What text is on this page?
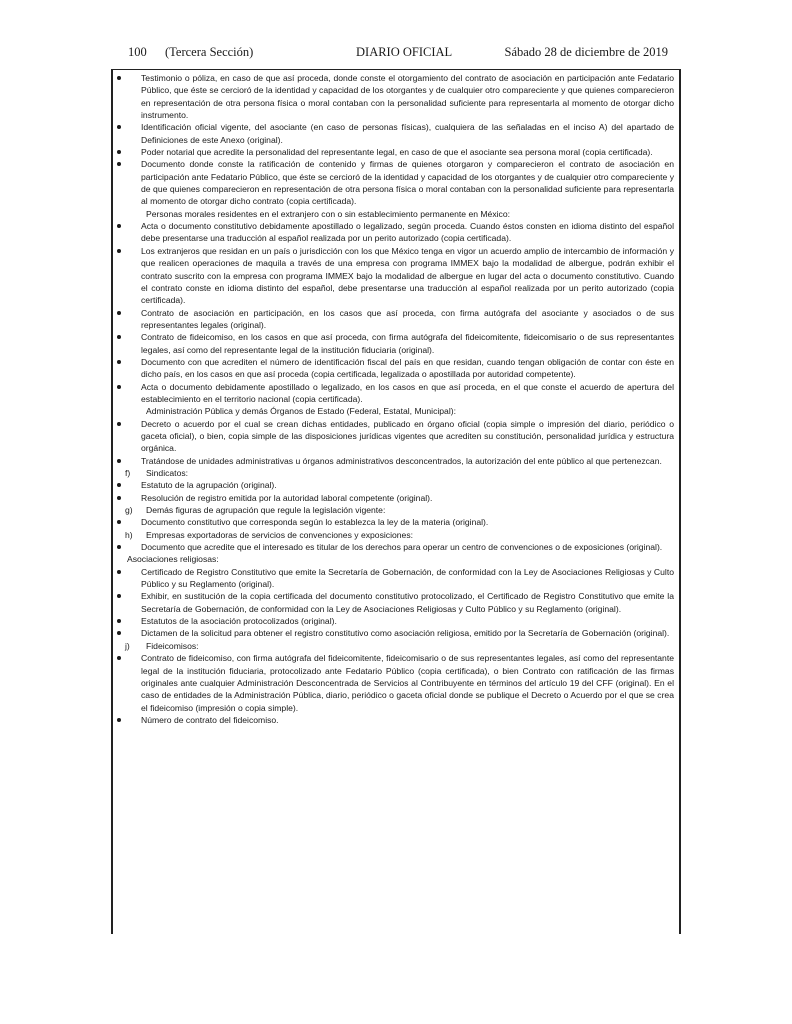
100 (Tercera Sección)	DIARIO OFICIAL	Sábado 28 de diciembre de 2019
Testimonio o póliza, en caso de que así proceda, donde conste el otorgamiento del contrato de asociación en participación ante Fedatario Público, que éste se cercioró de la identidad y capacidad de los otorgantes y de cualquier otro compareciente y que quienes comparecieron en representación de otra persona física o moral contaban con la personalidad suficiente para representarla al momento de otorgar dicho instrumento.
Identificación oficial vigente, del asociante (en caso de personas físicas), cualquiera de las señaladas en el inciso A) del apartado de Definiciones de este Anexo (original).
Poder notarial que acredite la personalidad del representante legal, en caso de que el asociante sea persona moral (copia certificada).
Documento donde conste la ratificación de contenido y firmas de quienes otorgaron y comparecieron el contrato de asociación en participación ante Fedatario Público, que éste se cercioró de la identidad y capacidad de los otorgantes y de cualquier otro compareciente y de que quienes comparecieron en representación de otra persona física o moral contaban con la personalidad suficiente para representarla al momento de otorgar dicho contrato (copia certificada).
Personas morales residentes en el extranjero con o sin establecimiento permanente en México:
Acta o documento constitutivo debidamente apostillado o legalizado, según proceda. Cuando éstos consten en idioma distinto del español debe presentarse una traducción al español realizada por un perito autorizado (copia certificada).
Los extranjeros que residan en un país o jurisdicción con los que México tenga en vigor un acuerdo amplio de intercambio de información y que realicen operaciones de maquila a través de una empresa con programa IMMEX bajo la modalidad de albergue, podrán exhibir el contrato suscrito con la empresa con programa IMMEX bajo la modalidad de albergue en lugar del acta o documento constitutivo. Cuando el contrato conste en idioma distinto del español, debe presentarse una traducción al español realizada por un perito autorizado (copia certificada).
Contrato de asociación en participación, en los casos que así proceda, con firma autógrafa del asociante y asociados o de sus representantes legales (original).
Contrato de fideicomiso, en los casos en que así proceda, con firma autógrafa del fideicomitente, fideicomisario o de sus representantes legales, así como del representante legal de la institución fiduciaria (original).
Documento con que acrediten el número de identificación fiscal del país en que residan, cuando tengan obligación de contar con éste en dicho país, en los casos en que así proceda (copia certificada, legalizada o apostillada por autoridad competente).
Acta o documento debidamente apostillado o legalizado, en los casos en que así proceda, en el que conste el acuerdo de apertura del establecimiento en el territorio nacional (copia certificada).
Administración Pública y demás Órganos de Estado (Federal, Estatal, Municipal):
Decreto o acuerdo por el cual se crean dichas entidades, publicado en órgano oficial (copia simple o impresión del diario, periódico o gaceta oficial), o bien, copia simple de las disposiciones jurídicas vigentes que acrediten su constitución, personalidad jurídica y estructura orgánica.
Tratándose de unidades administrativas u órganos administrativos desconcentrados, la autorización del ente público al que pertenezcan.
f) Sindicatos:
Estatuto de la agrupación (original).
Resolución de registro emitida por la autoridad laboral competente (original).
g) Demás figuras de agrupación que regule la legislación vigente:
Documento constitutivo que corresponda según lo establezca la ley de la materia (original).
h) Empresas exportadoras de servicios de convenciones y exposiciones:
Documento que acredite que el interesado es titular de los derechos para operar un centro de convenciones o de exposiciones (original).
Asociaciones religiosas:
Certificado de Registro Constitutivo que emite la Secretaría de Gobernación, de conformidad con la Ley de Asociaciones Religiosas y Culto Público y su Reglamento (original).
Exhibir, en sustitución de la copia certificada del documento constitutivo protocolizado, el Certificado de Registro Constitutivo que emite la Secretaría de Gobernación, de conformidad con la Ley de Asociaciones Religiosas y Culto Público y su Reglamento (original).
Estatutos de la asociación protocolizados (original).
Dictamen de la solicitud para obtener el registro constitutivo como asociación religiosa, emitido por la Secretaría de Gobernación (original).
j) Fideicomisos:
Contrato de fideicomiso, con firma autógrafa del fideicomitente, fideicomisario o de sus representantes legales, así como del representante legal de la institución fiduciaria, protocolizado ante Fedatario Público (copia certificada), o bien Contrato con ratificación de las firmas originales ante cualquier Administración Desconcentrada de Servicios al Contribuyente en términos del artículo 19 del CFF (original). En el caso de entidades de la Administración Pública, diario, periódico o gaceta oficial donde se publique el Decreto o Acuerdo por el que se crea el fideicomiso (impresión o copia simple).
Número de contrato del fideicomiso.
